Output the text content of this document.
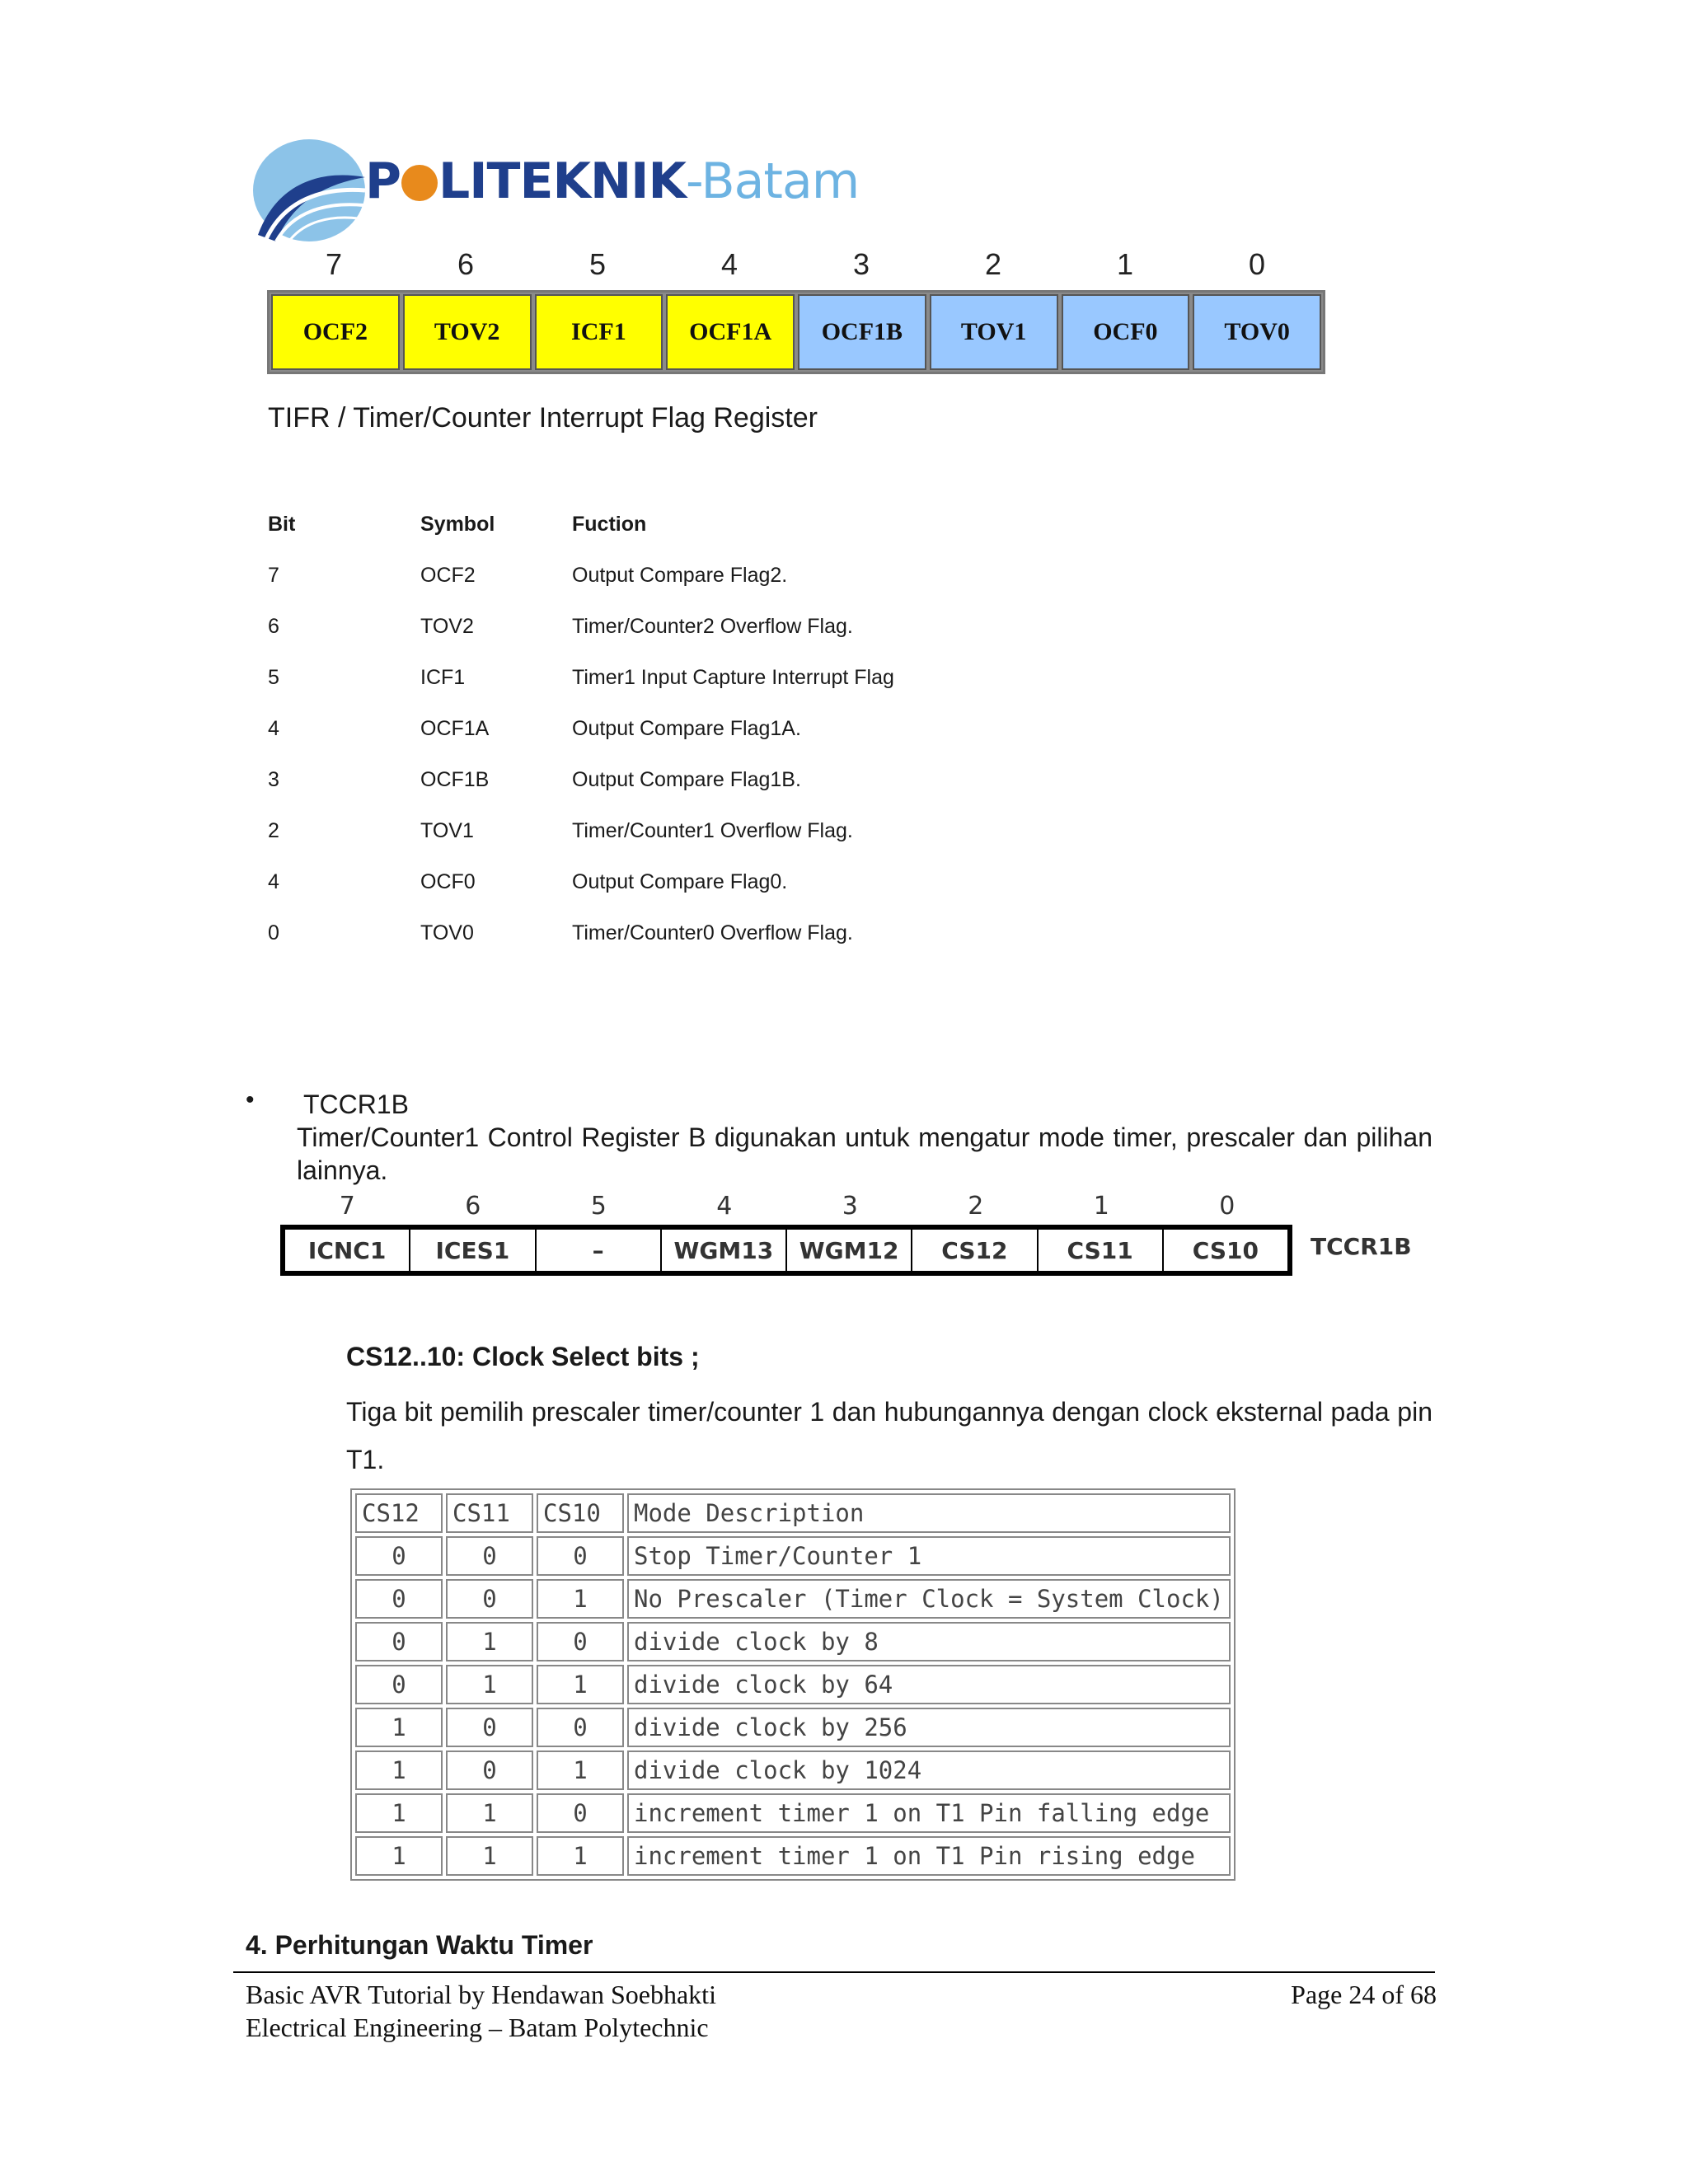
P LITEKNIK-Batam
7	6	5	4	3	2	1	0
OCF2	TOV2	ICF1	OCF1A	OCF1B	TOV1	OCF0	TOV0
TIFR / Timer/Counter Interrupt Flag Register
Bit	Symbol	Fuction
7	OCF2	Output Compare Flag2.
6	TOV2	Timer/Counter2 Overflow Flag.
5	ICF1	Timer1 Input Capture Interrupt Flag
4	OCF1A	Output Compare Flag1A.
3	OCF1B	Output Compare Flag1B.
2	TOV1	Timer/Counter1 Overflow Flag.
4	OCF0	Output Compare Flag0.
0	TOV0	Timer/Counter0 Overflow Flag.
• TCCR1B
Timer/Counter1 Control Register B digunakan untuk mengatur mode timer, prescaler dan pilihan lainnya.
7	6	5	4	3	2	1	0
ICNC1	ICES1	–	WGM13	WGM12	CS12	CS11	CS10	TCCR1B
CS12..10: Clock Select bits ;
Tiga bit pemilih prescaler timer/counter 1 dan hubungannya dengan clock eksternal pada pin T1.
CS12	CS11	CS10	Mode Description
0	0	0	Stop Timer/Counter 1
0	0	1	No Prescaler (Timer Clock = System Clock)
0	1	0	divide clock by 8
0	1	1	divide clock by 64
1	0	0	divide clock by 256
1	0	1	divide clock by 1024
1	1	0	increment timer 1 on T1 Pin falling edge
1	1	1	increment timer 1 on T1 Pin rising edge
4. Perhitungan Waktu Timer
Basic AVR Tutorial by Hendawan Soebhakti
Electrical Engineering – Batam Polytechnic
Page 24 of 68
